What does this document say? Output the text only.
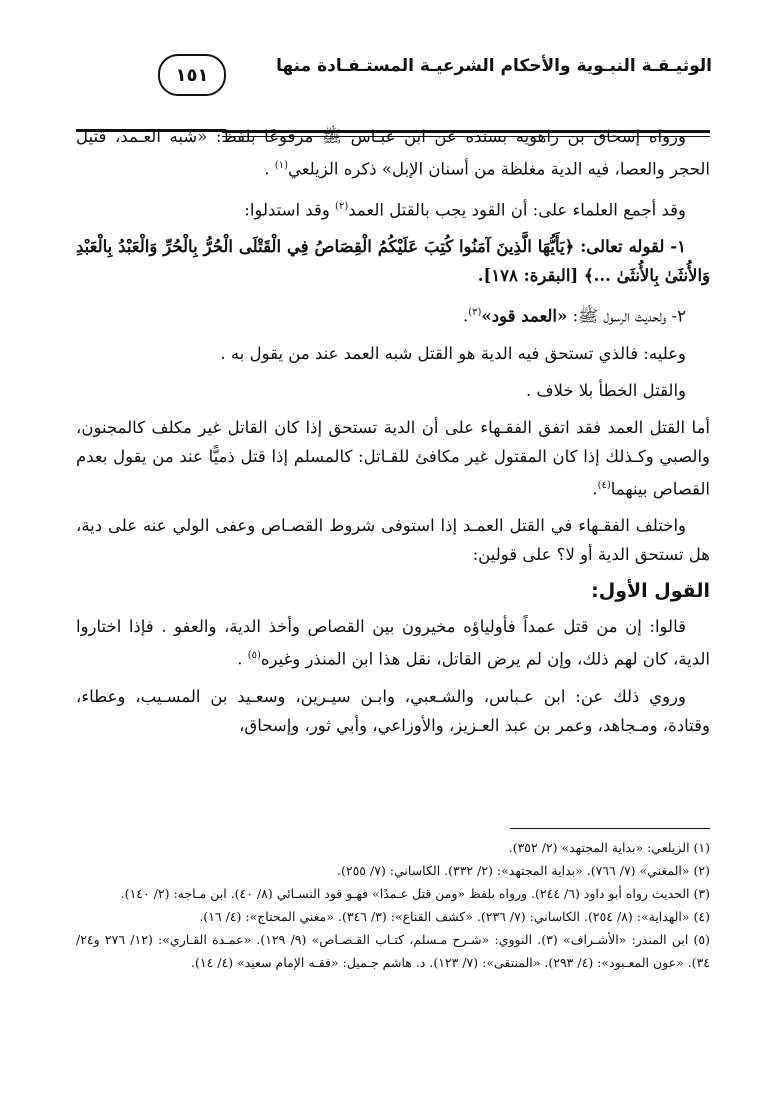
الوثيـقـة النبـوية والأحكام الشرعيـة المستـفـادة منها
١٥١

ورواه إسحاق بن راهويه بسنده عن ابن عبـاس ﷺ مرفوعًا بلفظ: «شبه العـمد، قتيل الحجر والعصا، فيه الدية مغلظة من أسنان الإبل» ذكره الزيلعي$^{(١)}$ .

وقد أجمع العلماء على: أن القود يجب بالقتل العمد$^{(٢)}$ وقد استدلوا:

١- لقوله تعالى: ﴿يَأَيُّهَا الَّذِينَ آمَنُوا كُتِبَ عَلَيْكُمُ الْقِصَاصُ فِي الْقَتْلَى الْحُرُّ بِالْحُرِّ وَالْعَبْدُ بِالْعَبْدِ وَالأُنثَىٰ بِالأُنثَىٰ ...﴾ [البقرة: ١٧٨].

٢- ولحديث الرسول ﷺ: «العمد قود»$^{(٣)}$.

وعليه: فالذي تستحق فيه الدية هو القتل شبه العمد عند من يقول به .

والقتل الخطأ بلا خلاف .

أما القتل العمد فقد اتفق الفقـهاء على أن الدية تستحق إذا كان القاتل غير مكلف كالمجنون، والصبي وكـذلك إذا كان المقتول غير مكافئ للقـاتل: كالمسلم إذا قتل ذميًّا عند من يقول بعدم القصاص بينهما$^{(٤)}$.

واختلف الفقـهاء في القتل العمـد إذا استوفى شروط القصـاص وعفى الولي عنه على دية، هل تستحق الدية أو لا؟ على قولين:

القول الأول:

قالوا: إن من قتل عمداً فأولياؤه مخيرون بين القصاص وأخذ الدية، والعفو . فإذا اختاروا الدية، كان لهم ذلك، وإن لم يرض القاتل، نقل هذا ابن المنذر وغيره$^{(٥)}$ .

وروي ذلك عن: ابن عـباس، والشـعبي، وابـن سيـرين، وسعـيد بن المسـيب، وعطاء، وقتادة، ومـجاهد، وعمر بن عبد العـزيز، والأوزاعي، وأبي ثور، وإسحاق،

(١) الزيلعي: «بداية المجتهد» (٢/ ٣٥٢).
(٢) «المغني» (٧/ ٧٦٦). «بداية المجتهد»: (٢/ ٣٣٢). الكاساني: (٧/ ٢٥٥).
(٣) الحديث رواه أبو داود (٦/ ٢٤٤). ورواه بلفظ «ومن قتل عـمدًا» فهـو قود النسـائي (٨/ ٤٠). ابن مـاجه: (٢/ ١٤٠).
(٤) «الهداية»: (٨/ ٢٥٤). الكاساني: (٧/ ٢٣٦). «كشف القناع»: (٣/ ٣٤٦). «مغني المحتاج»: (٤/ ١٦).
(٥) ابن المنذر: «الأشـراف» (٣). النووي: «شـرح مـسلم، كتـاب القـصـاص» (٩/ ١٢٩). «عمـدة القـاري»: (١٢/ ٢٧٦ و٢٤/ ٣٤). «عون المعـبود»: (٤/ ٢٩٣). «المنتقى»: (٧/ ١٢٣). د. هاشم جـميل: «فقـه الإمام سعيد» (٤/ ١٤).
